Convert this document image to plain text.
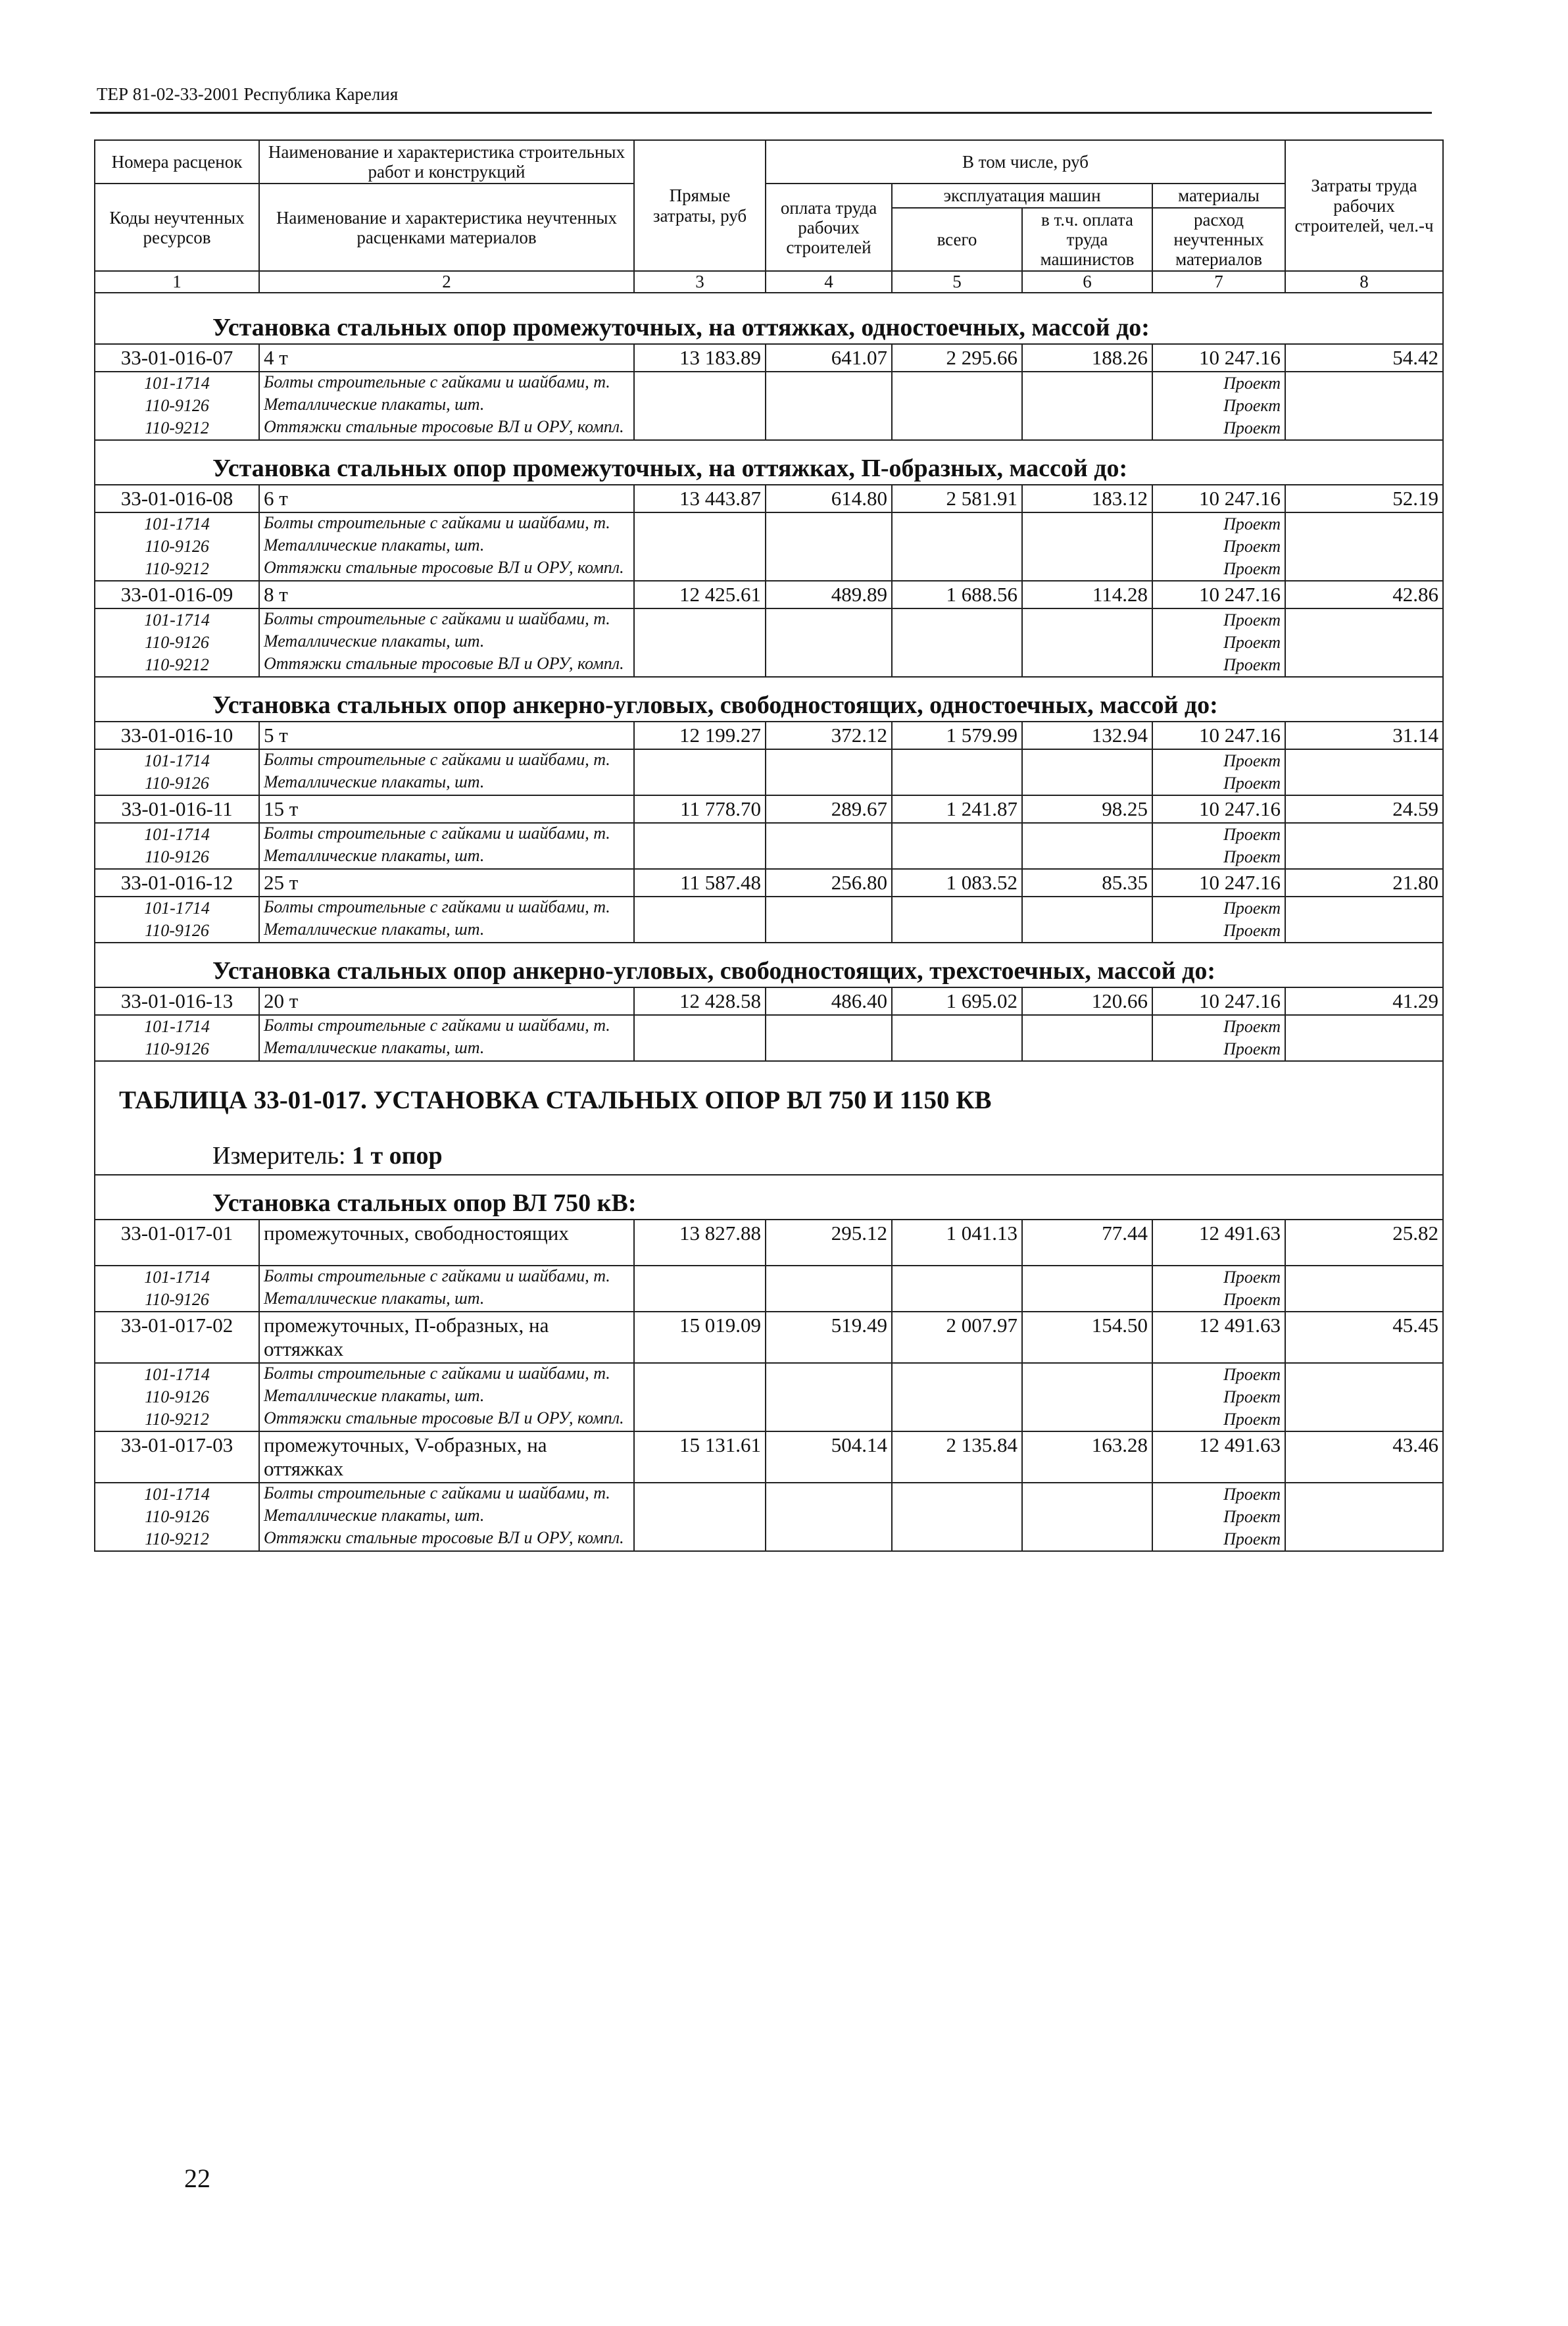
ТЕР 81-02-33-2001 Республика Карелия
Номера расценок	Наименование и характеристика строительных работ и конструкций	Прямые затраты, руб	В том числе, руб				Затраты труда рабочих строителей, чел.-ч
Коды неучтенных ресурсов	Наименование и характеристика неучтенных расценками материалов		оплата труда рабочих строителей	эксплуатация машин		материалы	
				всего	в т.ч. оплата труда машинистов	расход неучтенных материалов	

1	2	3	4	5	6	7	8
Установка стальных опор промежуточных, на оттяжках, одностоечных, массой до:							
33-01-016-07	4 т	13 183.89	641.07	2 295.66	188.26	10 247.16	54.42
101-1714	Болты строительные с гайками и шайбами, т.					Проект	
110-9126	Металлические плакаты, шт.					Проект	
110-9212	Оттяжки стальные тросовые ВЛ и ОРУ, компл.					Проект	
Установка стальных опор промежуточных, на оттяжках, П-образных, массой до:							
33-01-016-08	6 т	13 443.87	614.80	2 581.91	183.12	10 247.16	52.19
101-1714	Болты строительные с гайками и шайбами, т.					Проект	
110-9126	Металлические плакаты, шт.					Проект	
110-9212	Оттяжки стальные тросовые ВЛ и ОРУ, компл.					Проект	
33-01-016-09	8 т	12 425.61	489.89	1 688.56	114.28	10 247.16	42.86
101-1714	Болты строительные с гайками и шайбами, т.					Проект	
110-9126	Металлические плакаты, шт.					Проект	
110-9212	Оттяжки стальные тросовые ВЛ и ОРУ, компл.					Проект	
Установка стальных опор анкерно-угловых, свободностоящих, одностоечных, массой до:							
33-01-016-10	5 т	12 199.27	372.12	1 579.99	132.94	10 247.16	31.14
101-1714	Болты строительные с гайками и шайбами, т.					Проект	
110-9126	Металлические плакаты, шт.					Проект	
33-01-016-11	15 т	11 778.70	289.67	1 241.87	98.25	10 247.16	24.59
101-1714	Болты строительные с гайками и шайбами, т.					Проект	
110-9126	Металлические плакаты, шт.					Проект	
33-01-016-12	25 т	11 587.48	256.80	1 083.52	85.35	10 247.16	21.80
101-1714	Болты строительные с гайками и шайбами, т.					Проект	
110-9126	Металлические плакаты, шт.					Проект	
Установка стальных опор анкерно-угловых, свободностоящих, трехстоечных, массой до:							
33-01-016-13	20 т	12 428.58	486.40	1 695.02	120.66	10 247.16	41.29
101-1714	Болты строительные с гайками и шайбами, т.					Проект	
110-9126	Металлические плакаты, шт.					Проект	
ТАБЛИЦА 33-01-017. УСТАНОВКА СТАЛЬНЫХ ОПОР ВЛ 750 И 1150 КВ							
Измеритель: 1 т опор							
Установка стальных опор ВЛ 750 кВ:							
33-01-017-01	промежуточных, свободностоящих	13 827.88	295.12	1 041.13	77.44	12 491.63	25.82
101-1714	Болты строительные с гайками и шайбами, т.					Проект	
110-9126	Металлические плакаты, шт.					Проект	
33-01-017-02	промежуточных, П-образных, на оттяжках	15 019.09	519.49	2 007.97	154.50	12 491.63	45.45
101-1714	Болты строительные с гайками и шайбами, т.					Проект	
110-9126	Металлические плакаты, шт.					Проект	
110-9212	Оттяжки стальные тросовые ВЛ и ОРУ, компл.					Проект	
33-01-017-03	промежуточных, V-образных, на оттяжках	15 131.61	504.14	2 135.84	163.28	12 491.63	43.46
101-1714	Болты строительные с гайками и шайбами, т.					Проект	
110-9126	Металлические плакаты, шт.					Проект	
110-9212	Оттяжки стальные тросовые ВЛ и ОРУ, компл.					Проект	
22
